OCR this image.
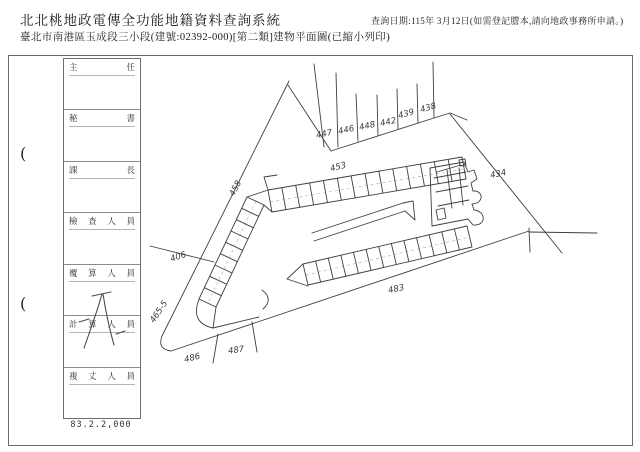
北北桃地政電傳全功能地籍資料查詢系統	查詢日期:115年 3月12日(如需登記謄本,請向地政事務所申請。)
臺北市南港區玉成段三小段(建號:02392-000)[第二類]建物平面圖(已縮小列印)
主 任
秘 書
課 長
檢 查 人 員
覆 算 人 員
計 算 人 員
複 丈 人 員
83.2.2,000
(
(
447 446 448 442
439 438
453
434
458
406
465-5
486
487
483
